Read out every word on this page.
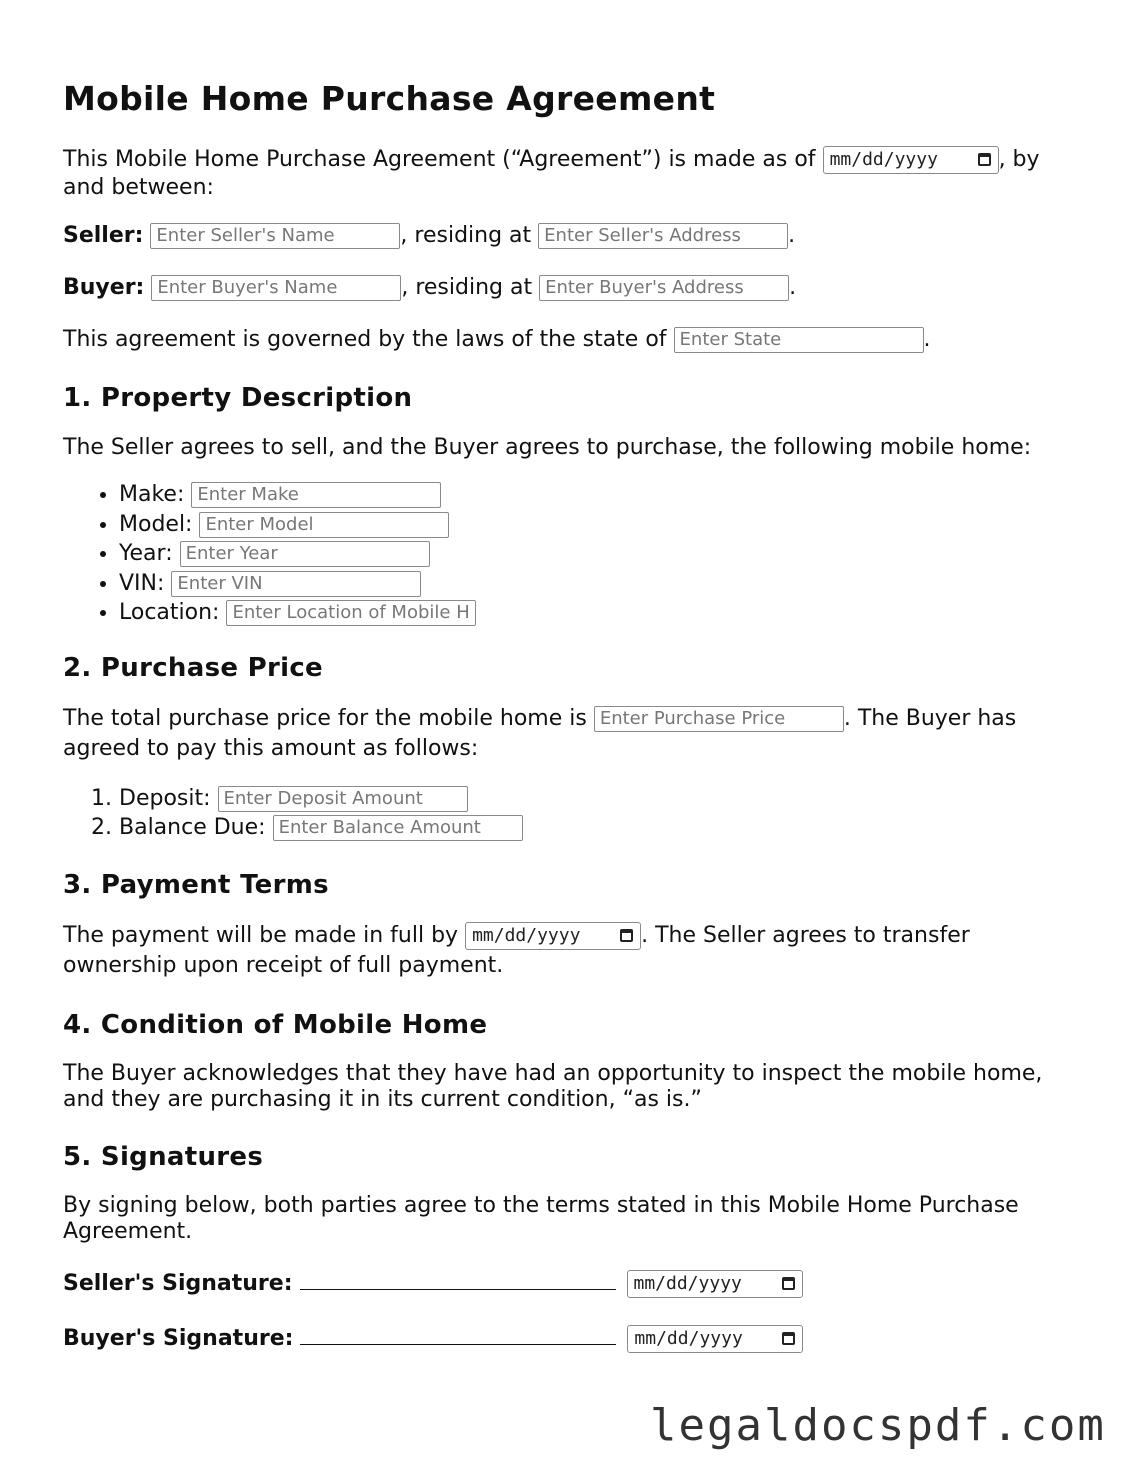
Mobile Home Purchase Agreement

This Mobile Home Purchase Agreement (“Agreement”) is made as of mm/dd/yyyy	, by and between:

Seller: Enter Seller's Name	, residing at Enter Seller's Address .

Buyer: Enter Buyer's Name	, residing at Enter Buyer's Address .

This agreement is governed by the laws of the state of Enter State	.

1. Property Description

The Seller agrees to sell, and the Buyer agrees to purchase, the following mobile home:

• Make: Enter Make
• Model: Enter Model
• Year: Enter Year
• VIN: Enter VIN
• Location: Enter Location of Mobile H
2. Purchase Price

The total purchase price for the mobile home is Enter Purchase Price	. The Buyer has agreed to pay this amount as follows:

1. Deposit: Enter Deposit Amount
2. Balance Due: Enter Balance Amount
3. Payment Terms

The payment will be made in full by mm/dd/yyyy	. The Seller agrees to transfer ownership upon receipt of full payment.

4. Condition of Mobile Home

The Buyer acknowledges that they have had an opportunity to inspect the mobile home, and they are purchasing it in its current condition, “as is.”

5. Signatures

By signing below, both parties agree to the terms stated in this Mobile Home Purchase Agreement.

Seller's Signature:	mm/dd/yyyy

Buyer's Signature:	mm/dd/yyyy

legaldocspdf.com
